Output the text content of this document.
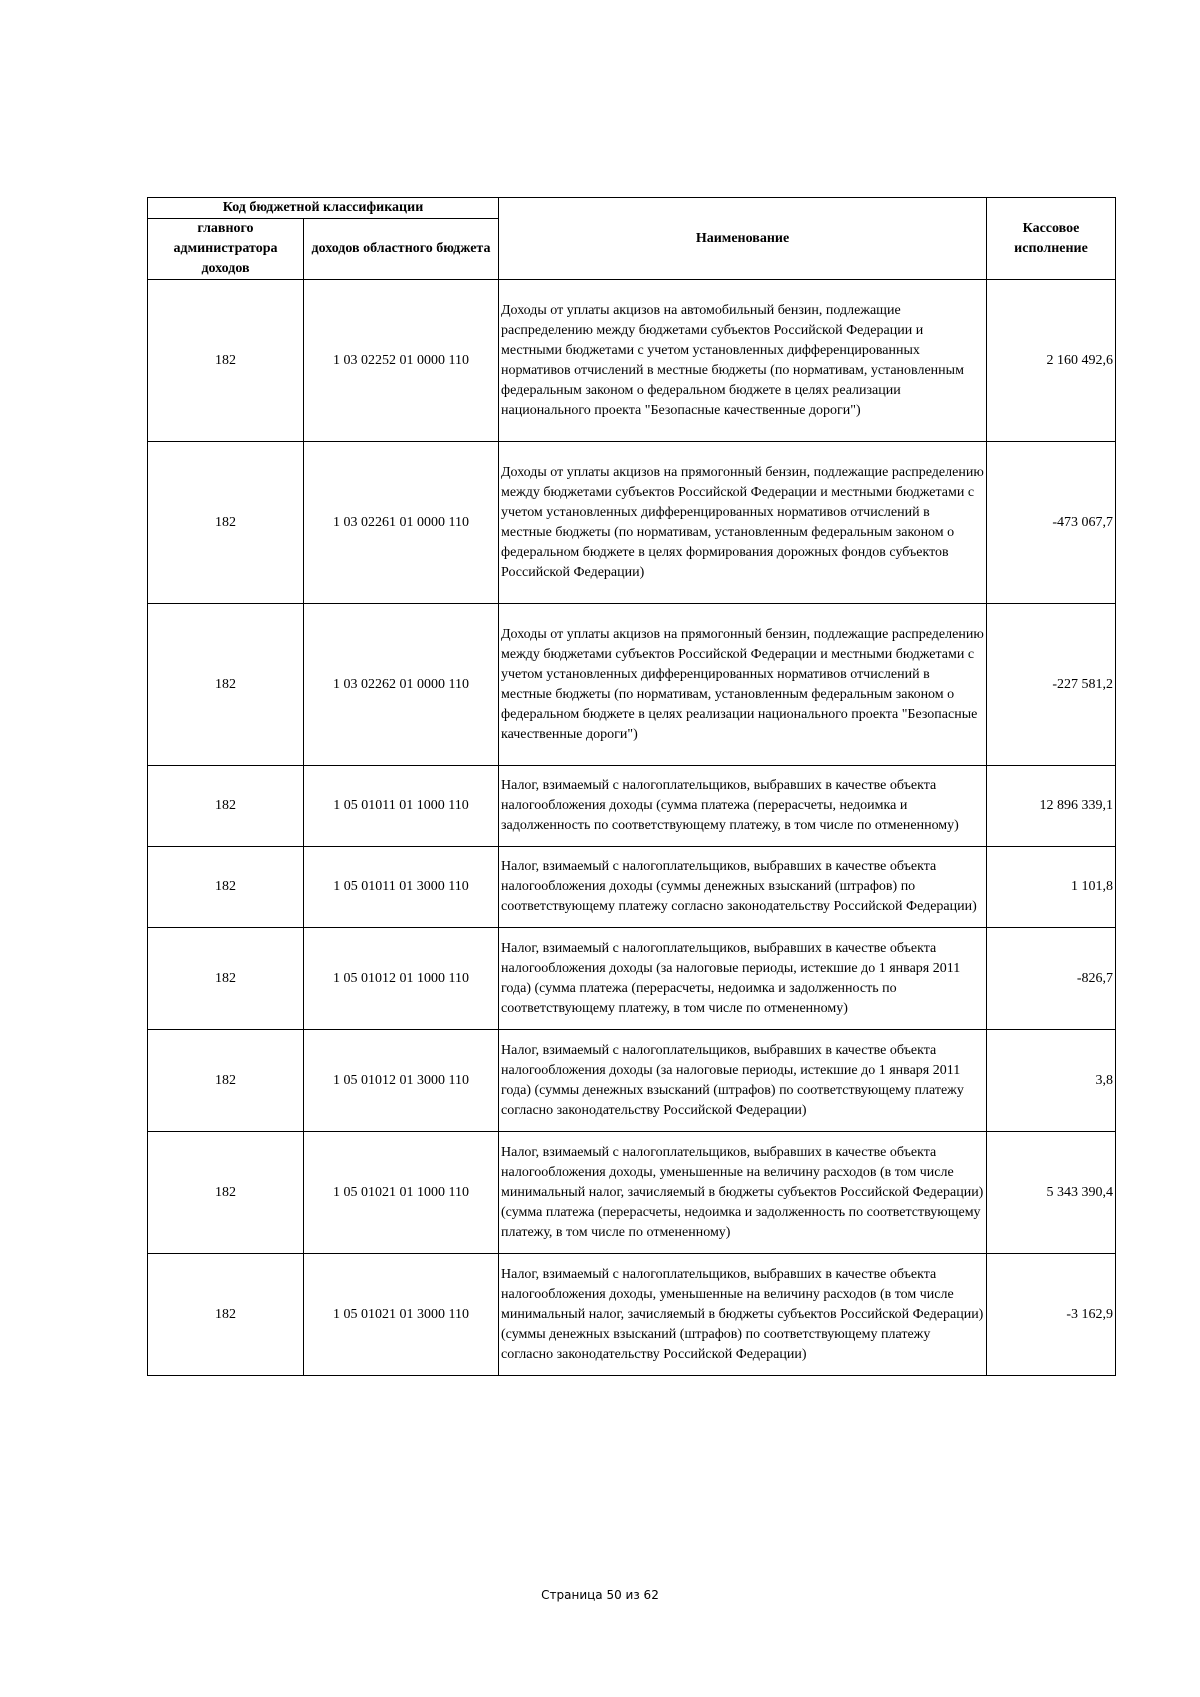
Код бюджетной классификации		Наименование	Кассовое исполнение
главного администратора доходов	доходов областного бюджета		
182	1 03 02252 01 0000 110	Доходы от уплаты акцизов на автомобильный бензин, подлежащие распределению между бюджетами субъектов Российской Федерации и местными бюджетами с учетом установленных дифференцированных нормативов отчислений в местные бюджеты (по нормативам, установленным федеральным законом о федеральном бюджете в целях реализации национального проекта "Безопасные качественные дороги")	2 160 492,6
182	1 03 02261 01 0000 110	Доходы от уплаты акцизов на прямогонный бензин, подлежащие распределению между бюджетами субъектов Российской Федерации и местными бюджетами с учетом установленных дифференцированных нормативов отчислений в местные бюджеты (по нормативам, установленным федеральным законом о федеральном бюджете в целях формирования дорожных фондов субъектов Российской Федерации)	-473 067,7
182	1 03 02262 01 0000 110	Доходы от уплаты акцизов на прямогонный бензин, подлежащие распределению между бюджетами субъектов Российской Федерации и местными бюджетами с учетом установленных дифференцированных нормативов отчислений в местные бюджеты (по нормативам, установленным федеральным законом о федеральном бюджете в целях реализации национального проекта "Безопасные качественные дороги")	-227 581,2
182	1 05 01011 01 1000 110	Налог, взимаемый с налогоплательщиков, выбравших в качестве объекта налогообложения доходы (сумма платежа (перерасчеты, недоимка и задолженность по соответствующему платежу, в том числе по отмененному)	12 896 339,1
182	1 05 01011 01 3000 110	Налог, взимаемый с налогоплательщиков, выбравших в качестве объекта налогообложения доходы (суммы денежных взысканий (штрафов) по соответствующему платежу согласно законодательству Российской Федерации)	1 101,8
182	1 05 01012 01 1000 110	Налог, взимаемый с налогоплательщиков, выбравших в качестве объекта налогообложения доходы (за налоговые периоды, истекшие до 1 января 2011 года) (сумма платежа (перерасчеты, недоимка и задолженность по соответствующему платежу, в том числе по отмененному)	-826,7
182	1 05 01012 01 3000 110	Налог, взимаемый с налогоплательщиков, выбравших в качестве объекта налогообложения доходы (за налоговые периоды, истекшие до 1 января 2011 года) (суммы денежных взысканий (штрафов) по соответствующему платежу согласно законодательству Российской Федерации)	3,8
182	1 05 01021 01 1000 110	Налог, взимаемый с налогоплательщиков, выбравших в качестве объекта налогообложения доходы, уменьшенные на величину расходов (в том числе минимальный налог, зачисляемый в бюджеты субъектов Российской Федерации) (сумма платежа (перерасчеты, недоимка и задолженность по соответствующему платежу, в том числе по отмененному)	5 343 390,4
182	1 05 01021 01 3000 110	Налог, взимаемый с налогоплательщиков, выбравших в качестве объекта налогообложения доходы, уменьшенные на величину расходов (в том числе минимальный налог, зачисляемый в бюджеты субъектов Российской Федерации) (суммы денежных взысканий (штрафов) по соответствующему платежу согласно законодательству Российской Федерации)	-3 162,9
Страница 50 из 62
